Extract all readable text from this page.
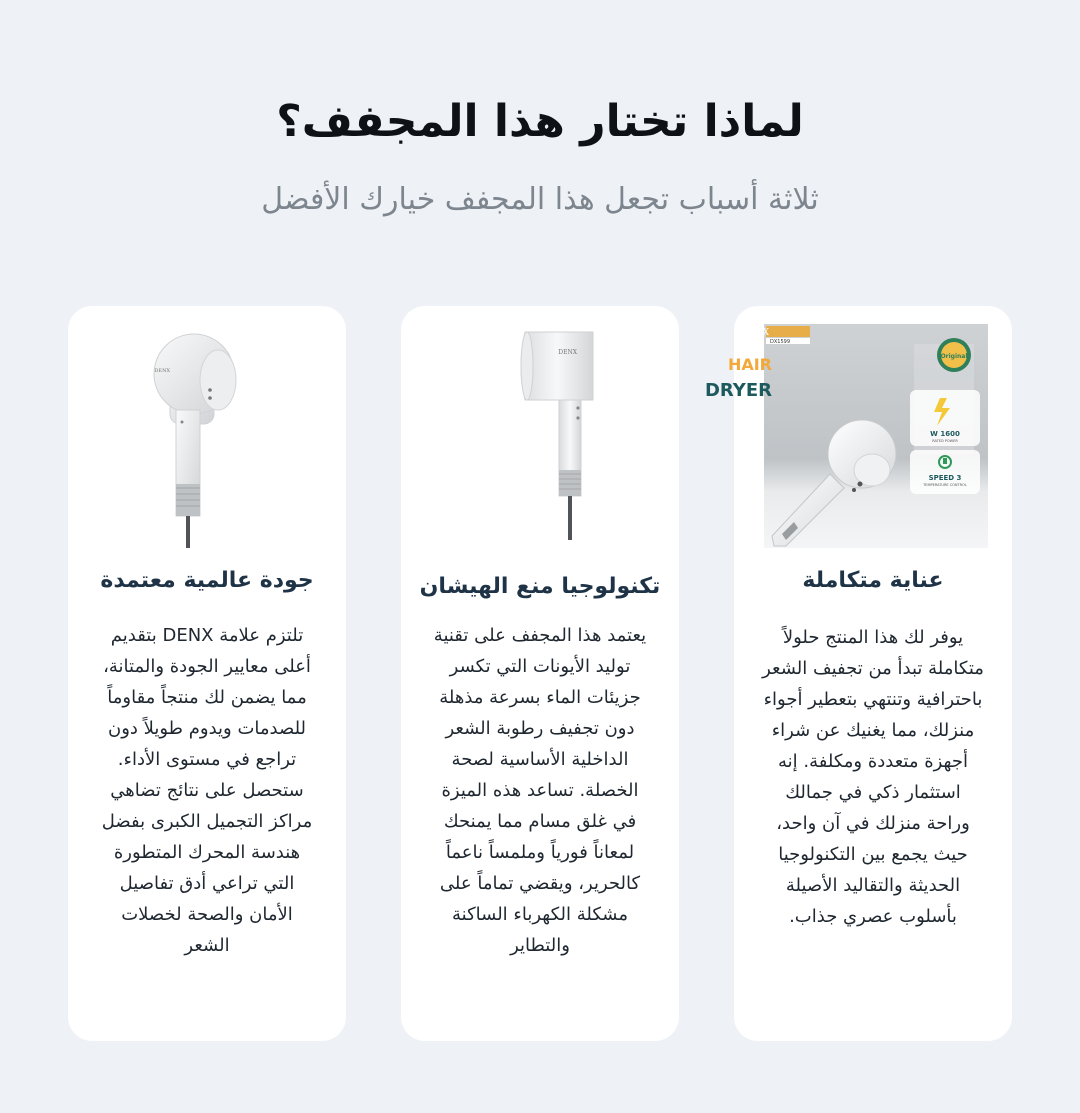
لماذا تختار هذا المجفف؟

ثلاثة أسباب تجعل هذا المجفف خيارك الأفضل

DENX
DX1599
HAIR
DRYER
Original
1600 W
RATED POWER
3 SPEED
TEMPERATURE CONTROL
عناية متكاملة

يوفر لك هذا المنتج حلولاً متكاملة تبدأ من تجفيف الشعر باحترافية وتنتهي بتعطير أجواء منزلك، مما يغنيك عن شراء أجهزة متعددة ومكلفة. إنه استثمار ذكي في جمالك وراحة منزلك في آن واحد، حيث يجمع بين التكنولوجيا الحديثة والتقاليد الأصيلة بأسلوب عصري جذاب.

DENX
تكنولوجيا منع الهيشان

يعتمد هذا المجفف على تقنية توليد الأيونات التي تكسر جزيئات الماء بسرعة مذهلة دون تجفيف رطوبة الشعر الداخلية الأساسية لصحة الخصلة. تساعد هذه الميزة في غلق مسام مما يمنحك لمعاناً فورياً وملمساً ناعماً كالحرير، ويقضي تماماً على مشكلة الكهرباء الساكنة والتطاير

DENX
جودة عالمية معتمدة

تلتزم علامة DENX بتقديم أعلى معايير الجودة والمتانة، مما يضمن لك منتجاً مقاوماً للصدمات ويدوم طويلاً دون تراجع في مستوى الأداء. ستحصل على نتائج تضاهي مراكز التجميل الكبرى بفضل هندسة المحرك المتطورة التي تراعي أدق تفاصيل الأمان والصحة لخصلات الشعر
